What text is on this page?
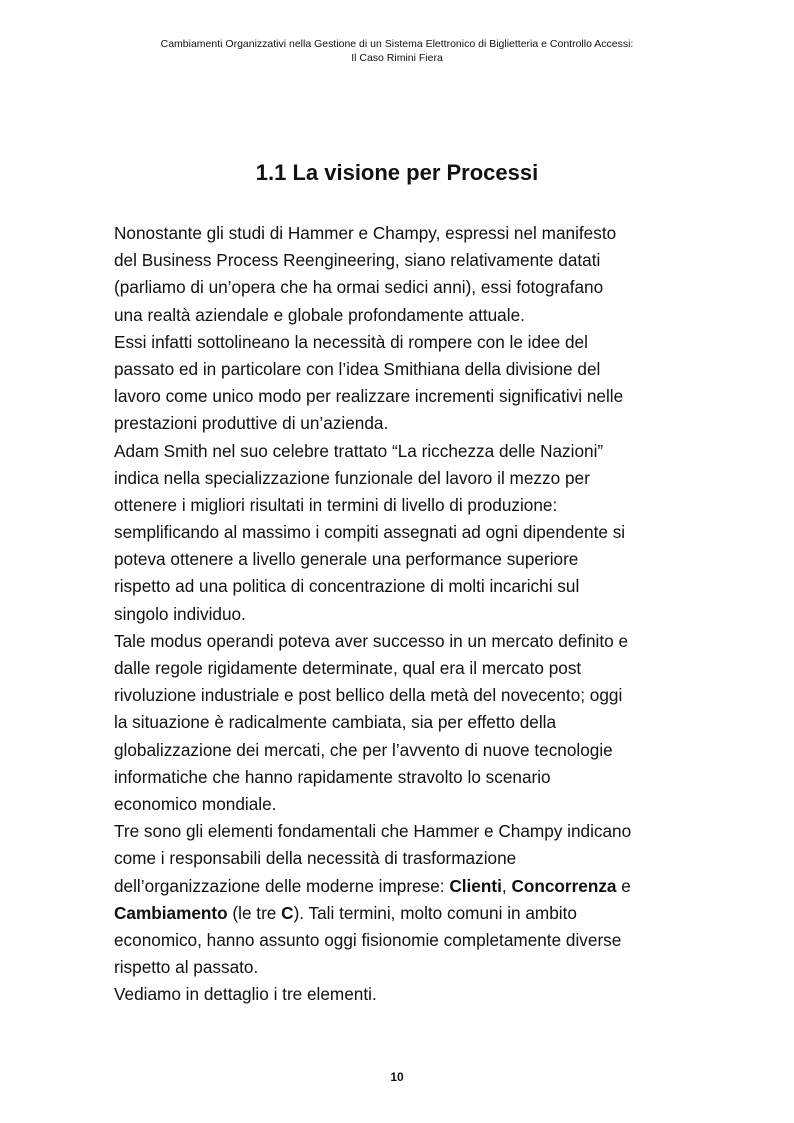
Cambiamenti Organizzativi nella Gestione di un Sistema Elettronico di Biglietteria e Controllo Accessi:
Il Caso Rimini Fiera
1.1 La visione per Processi
Nonostante gli studi di Hammer e Champy, espressi nel manifesto
del Business Process Reengineering, siano relativamente datati
(parliamo di un’opera che ha ormai sedici anni), essi fotografano
una realtà aziendale e globale profondamente attuale.
Essi infatti sottolineano la necessità di rompere con le idee del
passato ed in particolare con l’idea Smithiana della divisione del
lavoro come unico modo per realizzare incrementi significativi nelle
prestazioni produttive di un’azienda.
Adam Smith nel suo celebre trattato “La ricchezza delle Nazioni”
indica nella specializzazione funzionale del lavoro il mezzo per
ottenere i migliori risultati in termini di livello di produzione:
semplificando al massimo i compiti assegnati ad ogni dipendente si
poteva ottenere a livello generale una performance superiore
rispetto ad una politica di concentrazione di molti incarichi sul
singolo individuo.
Tale modus operandi poteva aver successo in un mercato definito e
dalle regole rigidamente determinate, qual era il mercato post
rivoluzione industriale e post bellico della metà del novecento; oggi
la situazione è radicalmente cambiata, sia per effetto della
globalizzazione dei mercati, che per l’avvento di nuove tecnologie
informatiche che hanno rapidamente stravolto lo scenario
economico mondiale.
Tre sono gli elementi fondamentali che Hammer e Champy indicano
come i responsabili della necessità di trasformazione
dell’organizzazione delle moderne imprese: Clienti, Concorrenza e
Cambiamento (le tre C). Tali termini, molto comuni in ambito
economico, hanno assunto oggi fisionomie completamente diverse
rispetto al passato.
Vediamo in dettaglio i tre elementi.
10
